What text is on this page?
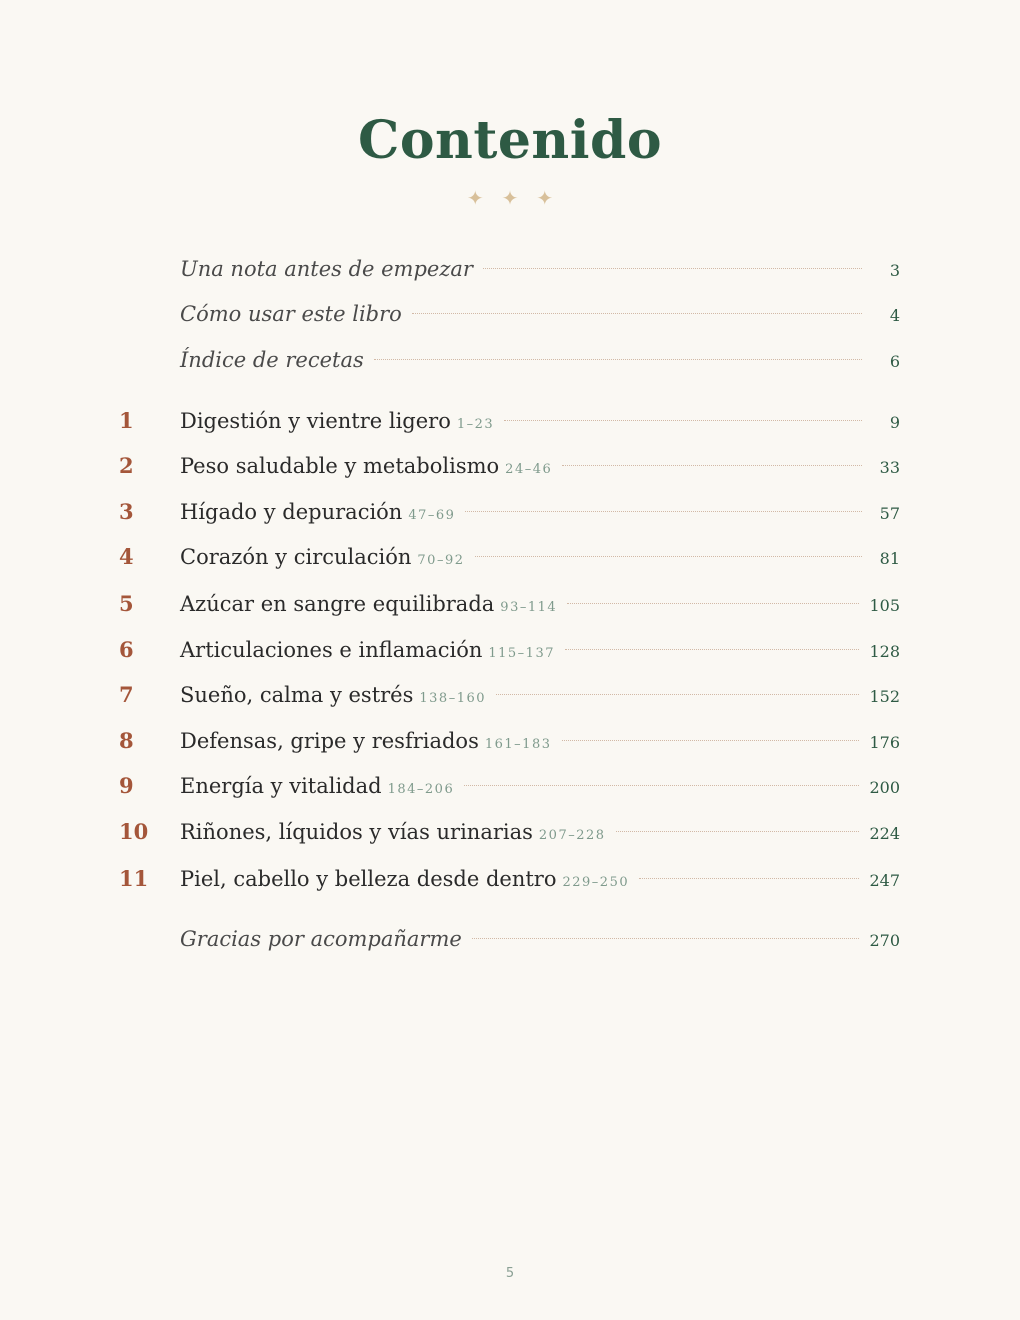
Contenido
✦✦✦
Una nota antes de empezar	3
Cómo usar este libro	4
Índice de recetas	6
1 Digestión y vientre ligero 1–23	9
2 Peso saludable y metabolismo 24–46	33
3 Hígado y depuración 47–69	57
4 Corazón y circulación 70–92	81
5 Azúcar en sangre equilibrada 93–114	105
6 Articulaciones e inflamación 115–137	128
7 Sueño, calma y estrés 138–160	152
8 Defensas, gripe y resfriados 161–183	176
9 Energía y vitalidad 184–206	200
10 Riñones, líquidos y vías urinarias 207–228	224
11 Piel, cabello y belleza desde dentro 229–250	247
Gracias por acompañarme	270
5
